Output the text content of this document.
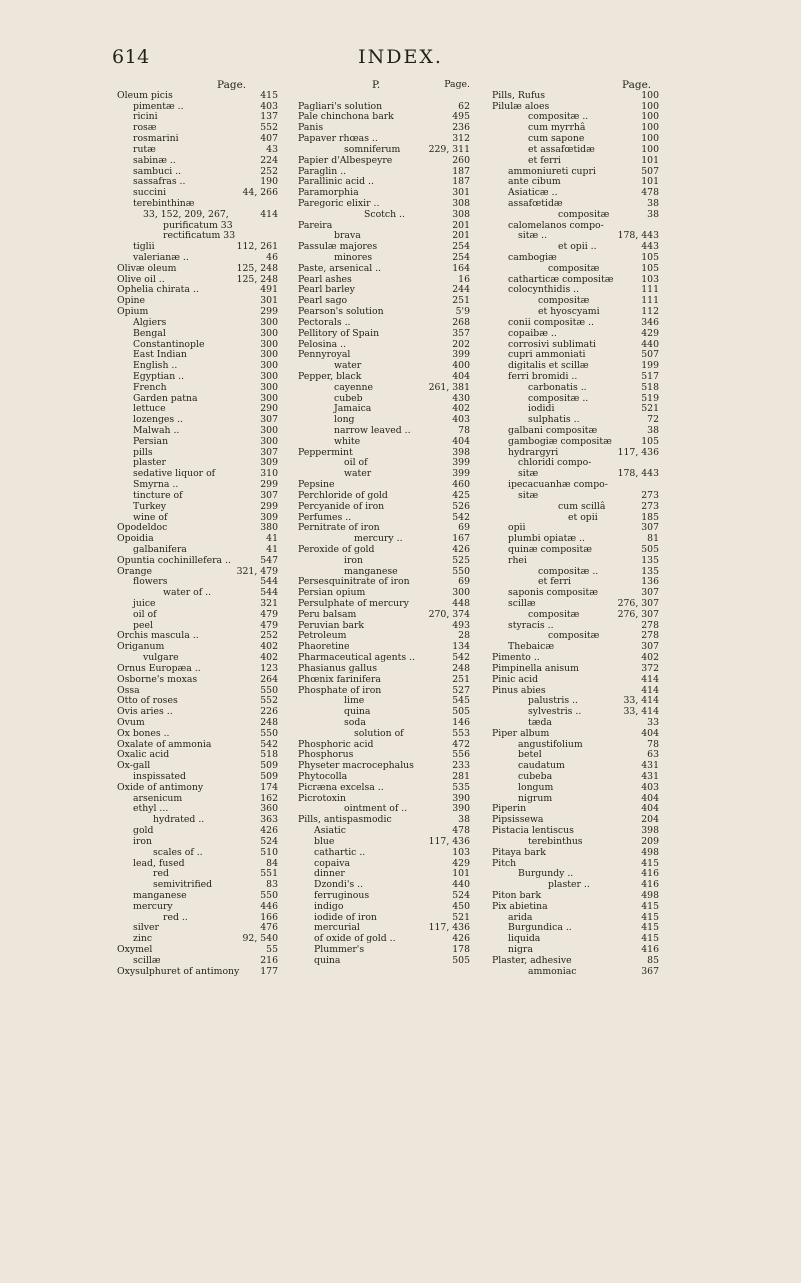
INDEX.
614
Page.
Oleum picis	415
pimentæ ..	403
ricini	137
rosæ	552
rosmarini	407
rutæ	43
sabinæ ..	224
sambuci ..	252
sassafras ..	190
succini	44, 266
terebinthinæ
33, 152, 209, 267,	414
purificatum 33
rectificatum 33
tiglii	112, 261
valerianæ ..	46
Olivæ oleum	125, 248
Olive oil ..	125, 248
Ophelia chirata ..	491
Opine	301
Opium	299
Algiers	300
Bengal	300
Constantinople	300
East Indian	300
English ..	300
Egyptian ..	300
French	300
Garden patna	300
lettuce	290
lozenges ..	307
Malwah ..	300
Persian	300
pills	307
plaster	309
sedative liquor of	310
Smyrna ..	299
tincture of	307
Turkey	299
wine of	309
Opodeldoc	380
Opoidia	41
galbanifera	41
Opuntia cochinillefera ..	547
Orange	321, 479
flowers	544
water of ..	544
juice	321
oil of	479
peel	479
Orchis mascula ..	252
Origanum	402
vulgare	402
Ornus Europæa ..	123
Osborne's moxas	264
Ossa	550
Otto of roses	552
Ovis aries ..	226
Ovum	248
Ox bones ..	550
Oxalate of ammonia	542
Oxalic acid	518
Ox-gall	509
inspissated	509
Oxide of antimony	174
arsenicum	162
ethyl ...	360
hydrated ..	363
gold	426
iron	524
scales of ..	510
lead, fused	84
red	551
semivitrified	83
manganese	550
mercury	446
red ..	166
silver	476
zinc	92, 540
Oxymel	55
scillæ	216
Oxysulphuret of antimony 177
P.	Page.
Pagliari's solution	62
Pale chinchona bark	495
Panis	236
Papaver rhœas ..	312
somniferum	229, 311
Papier d'Albespeyre	260
Paraglin ..	187
Parallinic acid ..	187
Paramorphia	301
Paregoric elixir ..	308
Scotch ..	308
Pareira	201
brava	201
Passulæ majores	254
minores	254
Paste, arsenical ..	164
Pearl ashes	16
Pearl barley	244
Pearl sago	251
Pearson's solution	5'9
Pectorals ..	268
Pellitory of Spain	357
Pelosina ..	202
Pennyroyal	399
water	400
Pepper, black	404
cayenne	261, 381
cubeb	430
Jamaica	402
long	403
narrow leaved ..	78
white	404
Peppermint	398
oil of	399
water	399
Pepsine	460
Perchloride of gold	425
Percyanide of iron	526
Perfumes ..	542
Pernitrate of iron	69
mercury ..	167
Peroxide of gold	426
iron	525
manganese	550
Persesquinitrate of iron	69
Persian opium	300
Persulphate of mercury	448
Peru balsam	270, 374
Peruvian bark	493
Petroleum	28
Phaoretine	134
Pharmaceutical agents ..	542
Phasianus gallus	248
Phœnix farinifera	251
Phosphate of iron	527
lime	545
quina	505
soda	146
solution of	553
Phosphoric acid	472
Phosphorus	556
Physeter macrocephalus	233
Phytocolla	281
Picræna excelsa ..	535
Picrotoxin	390
ointment of ..	390
Pills, antispasmodic	38
Asiatic	478
blue	117, 436
cathartic ..	103
copaiva	429
dinner	101
Dzondi's ..	440
ferruginous	524
indigo	450
iodide of iron	521
mercurial	117, 436
of oxide of gold ..	426
Plummer's	178
quina	505
Page.
Pills, Rufus	100
Pilulæ aloes	100
compositæ ..	100
cum myrrhâ	100
cum sapone	100
et assafœtidæ	100
et ferri	101
ammoniureti cupri	507
ante cibum	101
Asiaticæ ..	478
assafœtidæ	38
compositæ	38
calomelanos compo-
sitæ ..	178, 443
et opii ..	443
cambogiæ	105
compositæ	105
catharticæ compositæ	103
colocynthidis ..	111
compositæ	111
et hyoscyami	112
conii compositæ ..	346
copaibæ ..	429
corrosivi sublimati	440
cupri ammoniati	507
digitalis et scillæ	199
ferri bromidi ..	517
carbonatis ..	518
compositæ ..	519
iodidi	521
sulphatis ..	72
galbani compositæ	38
gambogiæ compositæ	105
hydrargyri	117, 436
chloridi compo-
sitæ	178, 443
ipecacuanhæ compo-
sitæ	273
cum scillâ	273
et opii	185
opii	307
plumbi opiatæ ..	81
quinæ compositæ	505
rhei	135
compositæ ..	135
et ferri	136
saponis compositæ	307
scillæ	276, 307
compositæ	276, 307
styracis ..	278
compositæ	278
Thebaicæ	307
Pimento ..	402
Pimpinella anisum	372
Pinic acid	414
Pinus abies	414
palustris ..	33, 414
sylvestris ..	33, 414
tæda	33
Piper album	404
angustifolium	78
betel	63
caudatum	431
cubeba	431
longum	403
nigrum	404
Piperin	404
Pipsissewa	204
Pistacia lentiscus	398
terebinthus	209
Pitaya bark	498
Pitch	415
Burgundy ..	416
plaster ..	416
Piton bark	498
Pix abietina	415
arida	415
Burgundica ..	415
liquida	415
nigra	416
Plaster, adhesive	85
ammoniac	367
